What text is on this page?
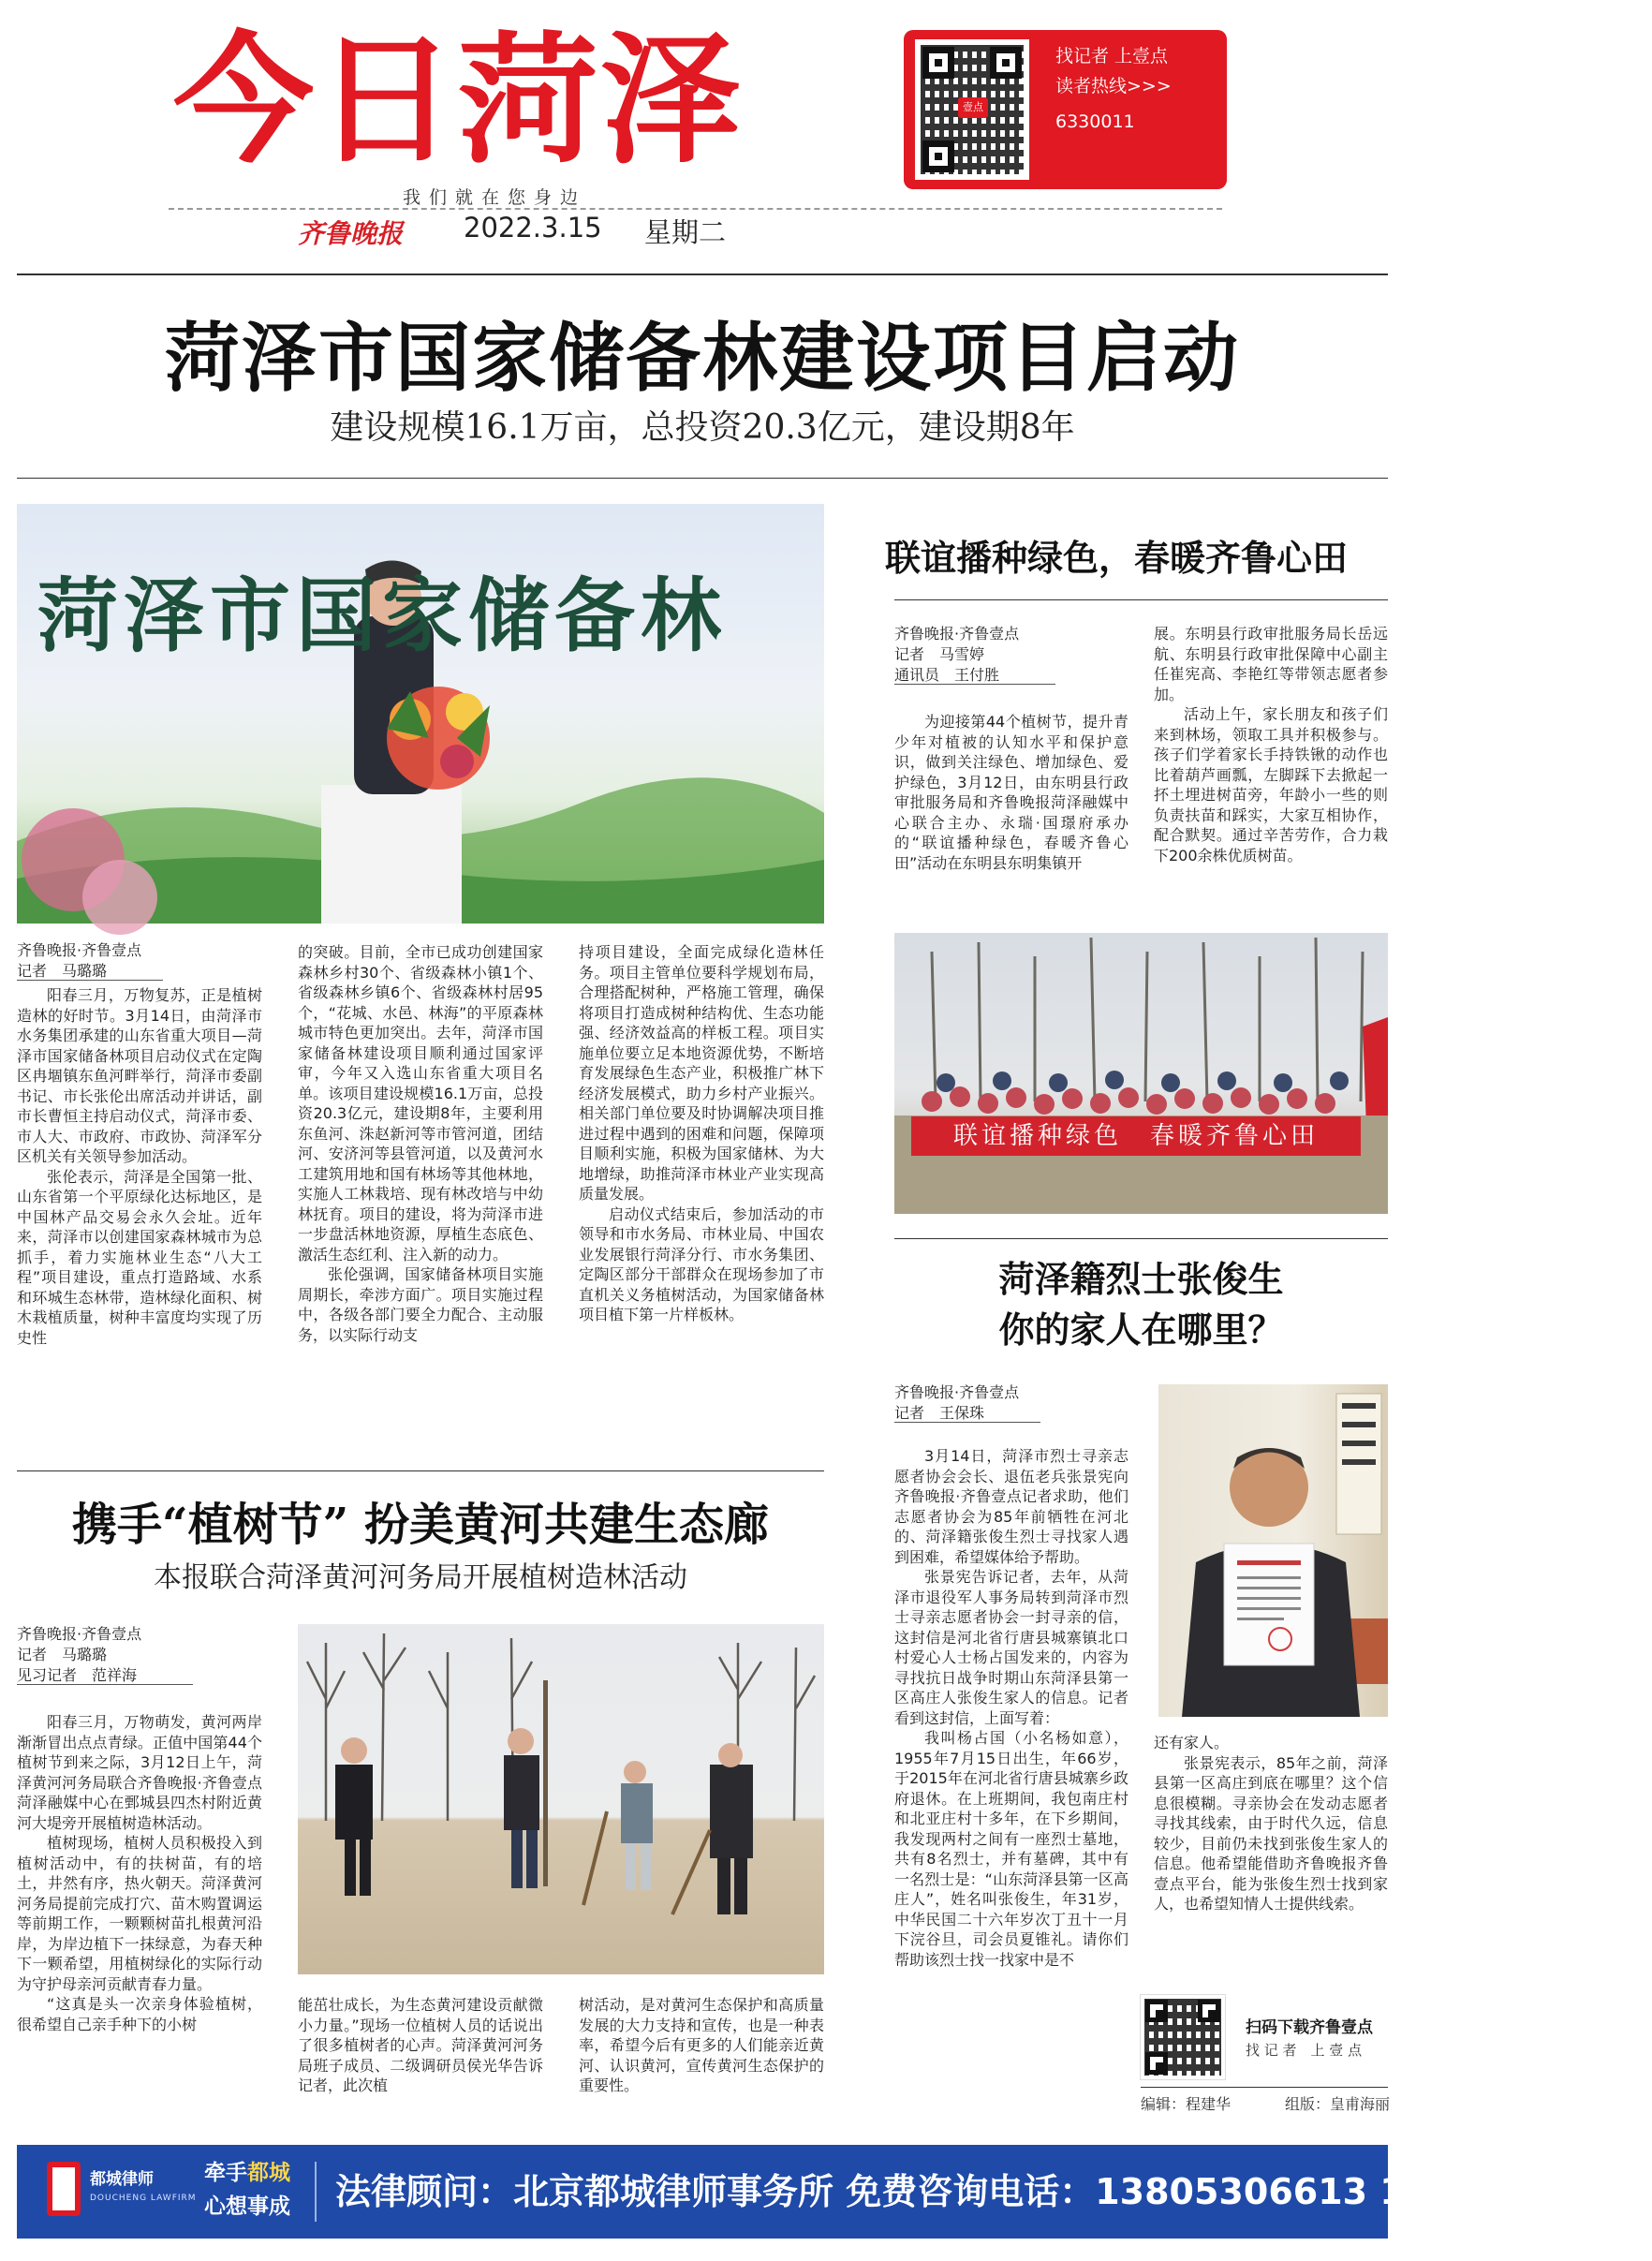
今日菏泽	壹点
找记者 上壹点
读者热线>>>
6330011
我们就在您身边
齐鲁晚报 2022.3.15 星期二
菏泽市国家储备林建设项目启动
建设规模16.1万亩，总投资20.3亿元，建设期8年
菏泽市国家储备林
齐鲁晚报·齐鲁壹点
记者　马璐璐

阳春三月，万物复苏，正是植树造林的好时节。3月14日，由菏泽市水务集团承建的山东省重大项目—菏泽市国家储备林项目启动仪式在定陶区冉堌镇东鱼河畔举行，菏泽市委副书记、市长张伦出席活动并讲话，副市长曹恒主持启动仪式，菏泽市委、市人大、市政府、市政协、菏泽军分区机关有关领导参加活动。

张伦表示，菏泽是全国第一批、山东省第一个平原绿化达标地区，是中国林产品交易会永久会址。近年来，菏泽市以创建国家森林城市为总抓手，着力实施林业生态“八大工程”项目建设，重点打造路域、水系和环城生态林带，造林绿化面积、树木栽植质量，树种丰富度均实现了历史性

的突破。目前，全市已成功创建国家森林乡村30个、省级森林小镇1个、省级森林乡镇6个、省级森林村居95个，“花城、水邑、林海”的平原森林城市特色更加突出。去年，菏泽市国家储备林建设项目顺利通过国家评审，今年又入选山东省重大项目名单。该项目建设规模16.1万亩，总投资20.3亿元，建设期8年，主要利用东鱼河、洙赵新河等市管河道，团结河、安济河等县管河道，以及黄河水工建筑用地和国有林场等其他林地，实施人工林栽培、现有林改培与中幼林抚育。项目的建设，将为菏泽市进一步盘活林地资源，厚植生态底色、激活生态红利、注入新的动力。

张伦强调，国家储备林项目实施周期长，牵涉方面广。项目实施过程中，各级各部门要全力配合、主动服务，以实际行动支

持项目建设，全面完成绿化造林任务。项目主管单位要科学规划布局，合理搭配树种，严格施工管理，确保将项目打造成树种结构优、生态功能强、经济效益高的样板工程。项目实施单位要立足本地资源优势，不断培育发展绿色生态产业，积极推广林下经济发展模式，助力乡村产业振兴。相关部门单位要及时协调解决项目推进过程中遇到的困难和问题，保障项目顺利实施，积极为国家储林、为大地增绿，助推菏泽市林业产业实现高质量发展。

启动仪式结束后，参加活动的市领导和市水务局、市林业局、中国农业发展银行菏泽分行、市水务集团、定陶区部分干部群众在现场参加了市直机关义务植树活动，为国家储备林项目植下第一片样板林。

联谊播种绿色，春暖齐鲁心田
齐鲁晚报·齐鲁壹点
记者　马雪婷
通讯员　王付胜

为迎接第44个植树节，提升青少年对植被的认知水平和保护意识，做到关注绿色、增加绿色、爱护绿色，3月12日，由东明县行政审批服务局和齐鲁晚报菏泽融媒中心联合主办、永瑞·国璟府承办的“联谊播种绿色，春暖齐鲁心田”活动在东明县东明集镇开

展。东明县行政审批服务局长岳远航、东明县行政审批保障中心副主任崔宪高、李艳红等带领志愿者参加。

活动上午，家长朋友和孩子们来到林场，领取工具并积极参与。孩子们学着家长手持铁锹的动作也比着葫芦画瓢，左脚踩下去掀起一抔土埋进树苗旁，年龄小一些的则负责扶苗和踩实，大家互相协作，配合默契。通过辛苦劳作，合力栽下200余株优质树苗。

联谊播种绿色　春暖齐鲁心田
携手“植树节” 扮美黄河共建生态廊
本报联合菏泽黄河河务局开展植树造林活动
齐鲁晚报·齐鲁壹点
记者　马璐璐
见习记者　范祥海

阳春三月，万物萌发，黄河两岸渐渐冒出点点青绿。正值中国第44个植树节到来之际，3月12日上午，菏泽黄河河务局联合齐鲁晚报·齐鲁壹点菏泽融媒中心在鄄城县四杰村附近黄河大堤旁开展植树造林活动。

植树现场，植树人员积极投入到植树活动中，有的扶树苗，有的培土，井然有序，热火朝天。菏泽黄河河务局提前完成打穴、苗木购置调运等前期工作，一颗颗树苗扎根黄河沿岸，为岸边植下一抹绿意，为春天种下一颗希望，用植树绿化的实际行动为守护母亲河贡献青春力量。

“这真是头一次亲身体验植树，很希望自己亲手种下的小树

能茁壮成长，为生态黄河建设贡献微小力量。”现场一位植树人员的话说出了很多植树者的心声。菏泽黄河河务局班子成员、二级调研员侯光华告诉记者，此次植

树活动，是对黄河生态保护和高质量发展的大力支持和宣传，也是一种表率，希望今后有更多的人们能亲近黄河、认识黄河，宣传黄河生态保护的重要性。

菏泽籍烈士张俊生
你的家人在哪里？
齐鲁晚报·齐鲁壹点
记者　王保珠

3月14日，菏泽市烈士寻亲志愿者协会会长、退伍老兵张景宪向齐鲁晚报·齐鲁壹点记者求助，他们志愿者协会为85年前牺牲在河北的、菏泽籍张俊生烈士寻找家人遇到困难，希望媒体给予帮助。

张景宪告诉记者，去年，从菏泽市退役军人事务局转到菏泽市烈士寻亲志愿者协会一封寻亲的信，这封信是河北省行唐县城寨镇北口村爱心人士杨占国发来的，内容为寻找抗日战争时期山东菏泽县第一区高庄人张俊生家人的信息。记者看到这封信，上面写着：

我叫杨占国（小名杨如意），1955年7月15日出生，年66岁，于2015年在河北省行唐县城寨乡政府退休。在上班期间，我包南庄村和北亚庄村十多年，在下乡期间，我发现两村之间有一座烈士墓地，共有8名烈士，并有墓碑，其中有一名烈士是：“山东菏泽县第一区高庄人”，姓名叫张俊生，年31岁，中华民国二十六年岁次丁丑十一月下浣谷旦，司会员夏锥礼。请你们帮助该烈士找一找家中是不

还有家人。

张景宪表示，85年之前，菏泽县第一区高庄到底在哪里？这个信息很模糊。寻亲协会在发动志愿者寻找其线索，由于时代久远，信息较少，目前仍未找到张俊生家人的信息。他希望能借助齐鲁晚报齐鲁壹点平台，能为张俊生烈士找到家人，也希望知情人士提供线索。

扫码下载齐鲁壹点
找 记 者　上 壹 点
编辑：程建华	组版：皇甫海丽
都城律师
DOUCHENG LAWFIRM
牵手都城
心想事成	法律顾问：北京都城律师事务所 免费咨询电话：13805306613 13801106613
